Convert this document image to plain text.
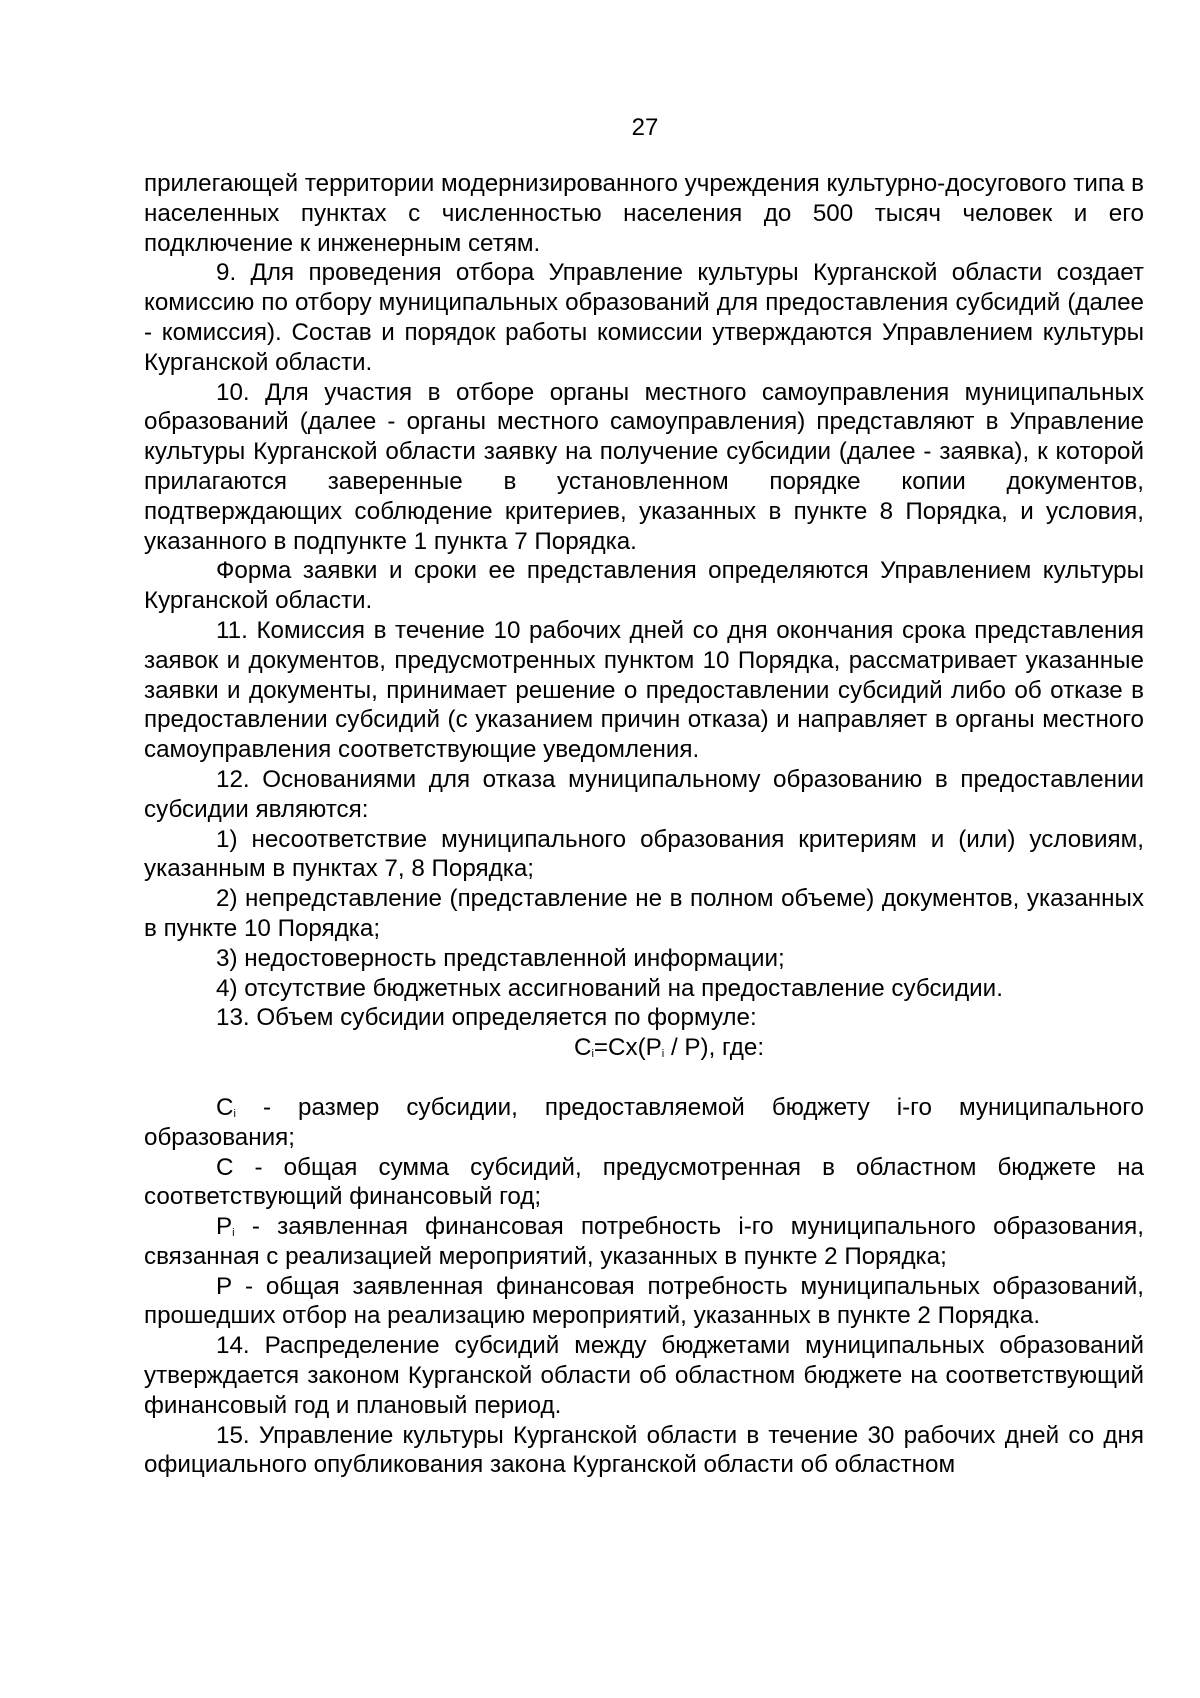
27

прилегающей территории модернизированного учреждения культурно-досугового типа в населенных пунктах с численностью населения до 500 тысяч человек и его подключение к инженерным сетям.

9. Для проведения отбора Управление культуры Курганской области создает комиссию по отбору муниципальных образований для предоставления субсидий (далее - комиссия). Состав и порядок работы комиссии утверждаются Управлением культуры Курганской области.

10. Для участия в отборе органы местного самоуправления муниципальных образований (далее - органы местного самоуправления) представляют в Управление культуры Курганской области заявку на получение субсидии (далее - заявка), к которой прилагаются заверенные в установленном порядке копии документов, подтверждающих соблюдение критериев, указанных в пункте 8 Порядка, и условия, указанного в подпункте 1 пункта 7 Порядка.

Форма заявки и сроки ее представления определяются Управлением культуры Курганской области.

11. Комиссия в течение 10 рабочих дней со дня окончания срока представления заявок и документов, предусмотренных пунктом 10 Порядка, рассматривает указанные заявки и документы, принимает решение о предоставлении субсидий либо об отказе в предоставлении субсидий (с указанием причин отказа) и направляет в органы местного самоуправления соответствующие уведомления.

12. Основаниями для отказа муниципальному образованию в предоставлении субсидии являются:

1) несоответствие муниципального образования критериям и (или) условиям, указанным в пунктах 7, 8 Порядка;

2) непредставление (представление не в полном объеме) документов, указанных в пункте 10 Порядка;

3) недостоверность представленной информации;

4) отсутствие бюджетных ассигнований на предоставление субсидии.

13. Объем субсидии определяется по формуле:

$С_i=Сх(Р_i / Р)$, где:

$С_i$ - размер субсидии, предоставляемой бюджету i-го муниципального образования;

С - общая сумма субсидий, предусмотренная в областном бюджете на соответствующий финансовый год;

$Р_i$ - заявленная финансовая потребность i-го муниципального образования, связанная с реализацией мероприятий, указанных в пункте 2 Порядка;

Р - общая заявленная финансовая потребность муниципальных образований, прошедших отбор на реализацию мероприятий, указанных в пункте 2 Порядка.

14. Распределение субсидий между бюджетами муниципальных образований утверждается законом Курганской области об областном бюджете на соответствующий финансовый год и плановый период.

15. Управление культуры Курганской области в течение 30 рабочих дней со дня официального опубликования закона Курганской области об областном
